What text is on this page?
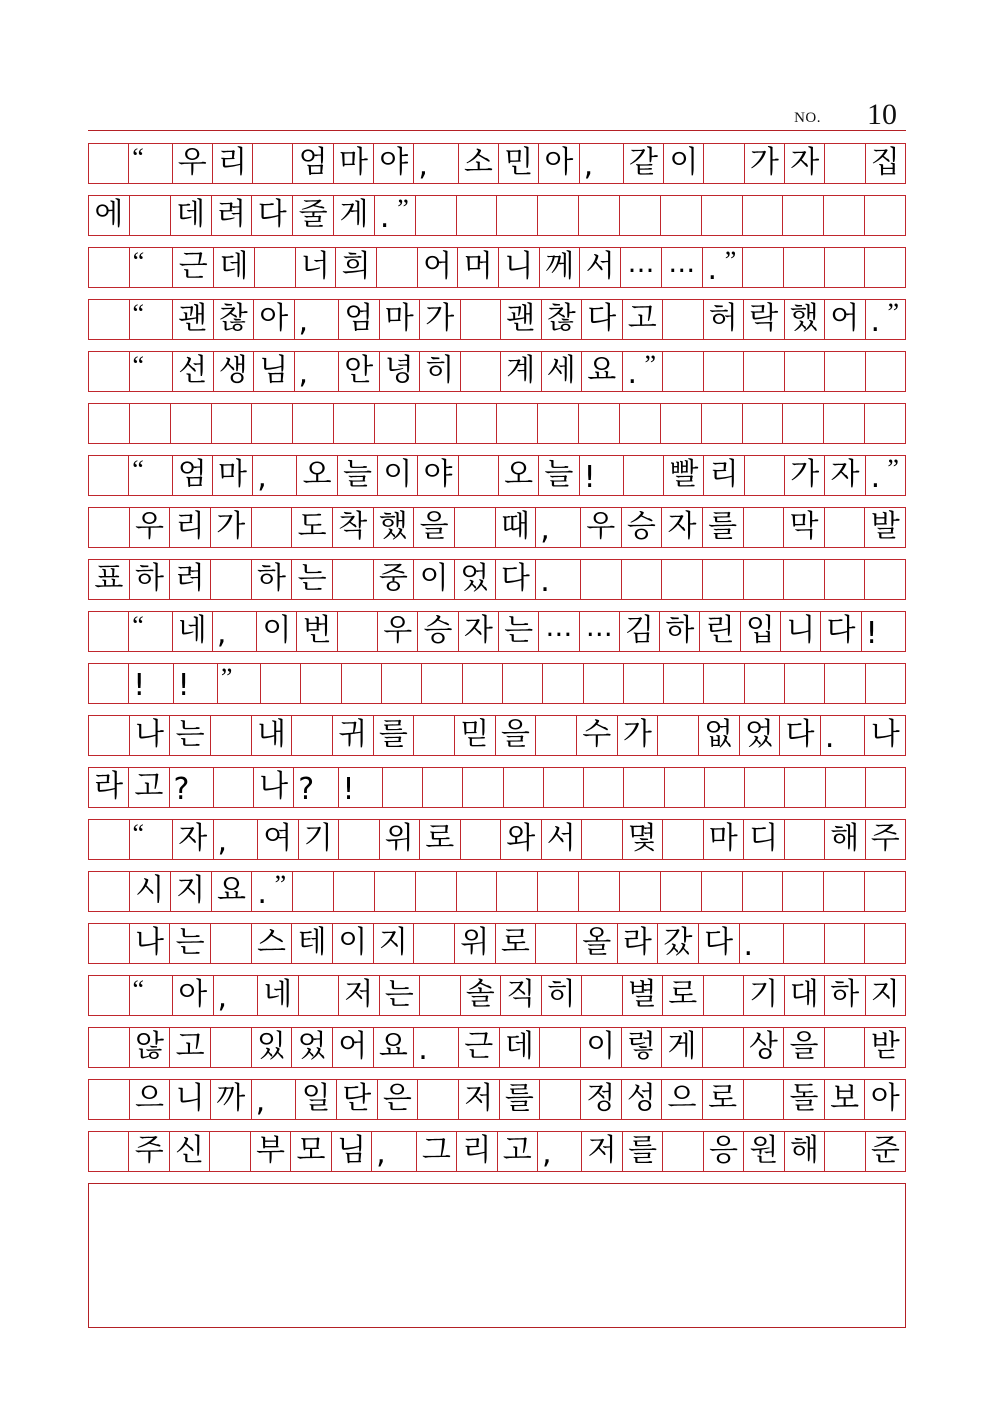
NO. 10
“ 우 리 엄 마 야 , 소 민 아 , 같 이 가 자 집
에 데 려 다 줄 게 . ”
“ 근 데 너 희 어 머 니 께 서 … … . ”
“ 괜 찮 아 , 엄 마 가 괜 찮 다 고 허 락 했 어 . ”
“ 선 생 님 , 안 녕 히 계 세 요 . ”
“ 엄 마 , 오 늘 이 야 오 늘 ! 빨 리 가 자 . ”
우 리 가 도 착 했 을 때 , 우 승 자 를 막 발
표 하 려 하 는 중 이 었 다 .
“ 네 , 이 번 우 승 자 는 … … 김 하 린 입 니 다 !
! ! ”
나 는 내 귀 를 믿 을 수 가 없 었 다 . 나
라 고 ? 나 ? !
“ 자 , 여 기 위 로 와 서 몇 마 디 해 주
시 지 요 . ”
나 는 스 테 이 지 위 로 올 라 갔 다 .
“ 아 , 네 저 는 솔 직 히 별 로 기 대 하 지
않 고 있 었 어 요 . 근 데 이 렇 게 상 을 받
으 니 까 , 일 단 은 저 를 정 성 으 로 돌 보 아
주 신 부 모 님 , 그 리 고 , 저 를 응 원 해 준
